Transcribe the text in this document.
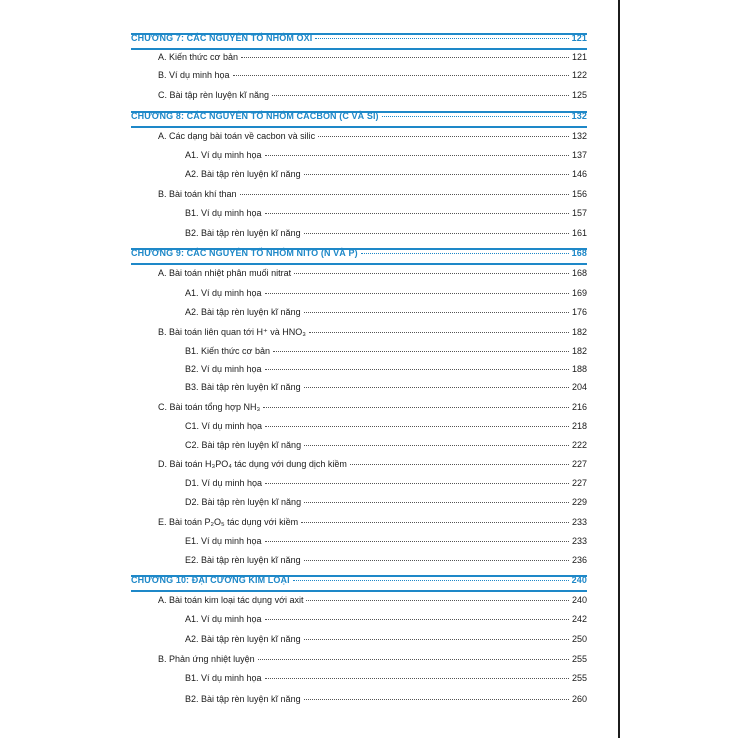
CHƯƠNG 7: CÁC NGUYÊN TỐ NHÓM OXI	121
A. Kiến thức cơ bản	121
B. Ví dụ minh họa	122
C. Bài tập rèn luyện kĩ năng	125
CHƯƠNG 8: CÁC NGUYÊN TỐ NHÓM CACBON (C VÀ SI)	132
A. Các dạng bài toán về cacbon và silic	132
A1. Ví dụ minh họa	137
A2. Bài tập rèn luyện kĩ năng	146
B. Bài toán khí than	156
B1. Ví dụ minh họa	157
B2. Bài tập rèn luyện kĩ năng	161
CHƯƠNG 9: CÁC NGUYÊN TỐ NHÓM NITO (N VÀ P)	168
A. Bài toán nhiệt phân muối nitrat	168
A1. Ví dụ minh họa	169
A2. Bài tập rèn luyện kĩ năng	176
B. Bài toán liên quan tới H⁺ và HNO₃	182
B1. Kiến thức cơ bản	182
B2. Ví dụ minh họa	188
B3. Bài tập rèn luyện kĩ năng	204
C. Bài toán tổng hợp NH₃	216
C1. Ví dụ minh họa	218
C2. Bài tập rèn luyện kĩ năng	222
D. Bài toán H₃PO₄ tác dụng với dung dịch kiềm	227
D1. Ví dụ minh họa	227
D2. Bài tập rèn luyện kĩ năng	229
E. Bài toán P₂O₅ tác dụng với kiềm	233
E1. Ví dụ minh họa	233
E2. Bài tập rèn luyện kĩ năng	236
CHƯƠNG 10: ĐẠI CƯƠNG KIM LOẠI	240
A. Bài toán kim loại tác dụng với axit	240
A1. Ví dụ minh họa	242
A2. Bài tập rèn luyện kĩ năng	250
B. Phản ứng nhiệt luyện	255
B1. Ví dụ minh họa	255
B2. Bài tập rèn luyện kĩ năng	260
